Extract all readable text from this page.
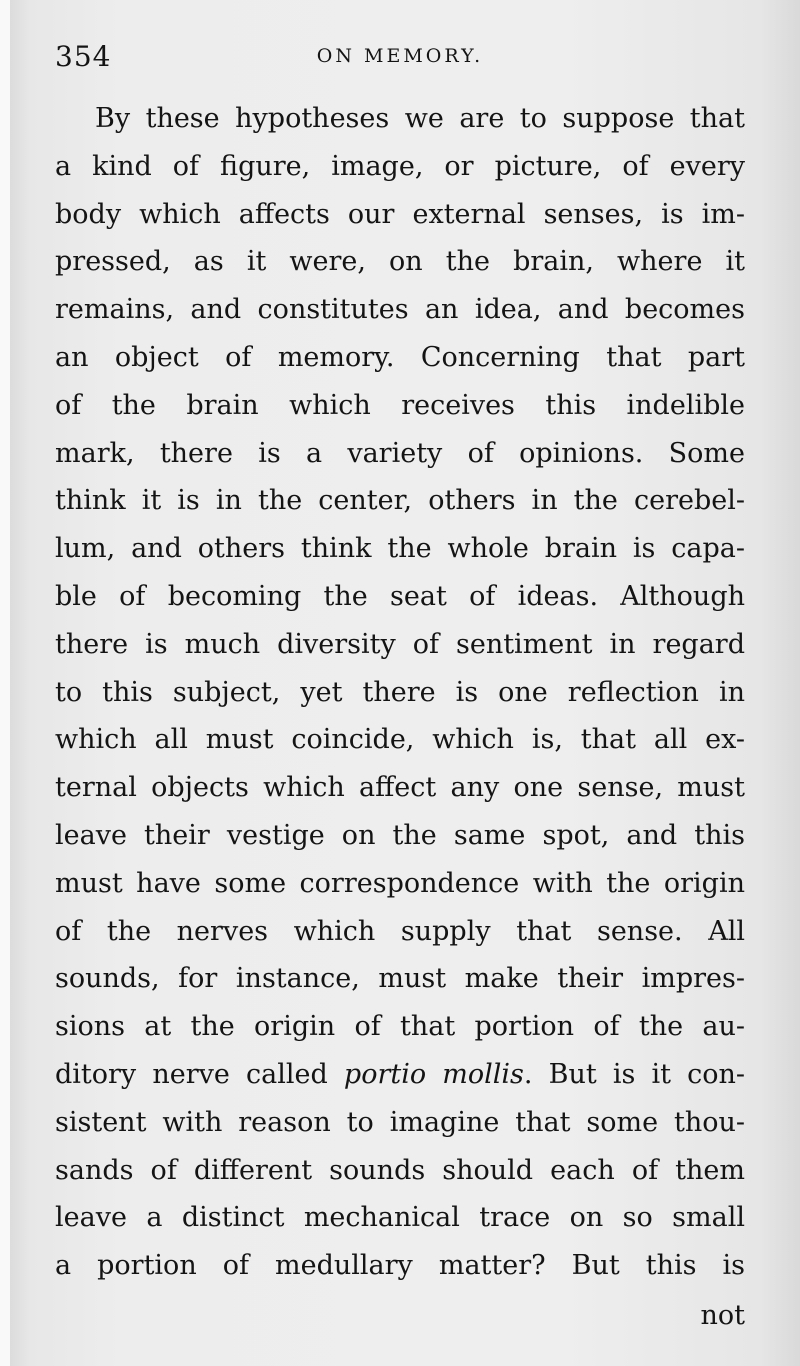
354	ON MEMORY.
By these hypotheses we are to suppose that
a kind of figure, image, or picture, of every
body which affects our external senses, is im-
pressed, as it were, on the brain, where it
remains, and constitutes an idea, and becomes
an object of memory. Concerning that part
of the brain which receives this indelible
mark, there is a variety of opinions. Some
think it is in the center, others in the cerebel-
lum, and others think the whole brain is capa-
ble of becoming the seat of ideas. Although
there is much diversity of sentiment in regard
to this subject, yet there is one reflection in
which all must coincide, which is, that all ex-
ternal objects which affect any one sense, must
leave their vestige on the same spot, and this
must have some correspondence with the origin
of the nerves which supply that sense. All
sounds, for instance, must make their impres-
sions at the origin of that portion of the au-
ditory nerve called portio mollis. But is it con-
sistent with reason to imagine that some thou-
sands of different sounds should each of them
leave a distinct mechanical trace on so small
a portion of medullary matter? But this is
not
